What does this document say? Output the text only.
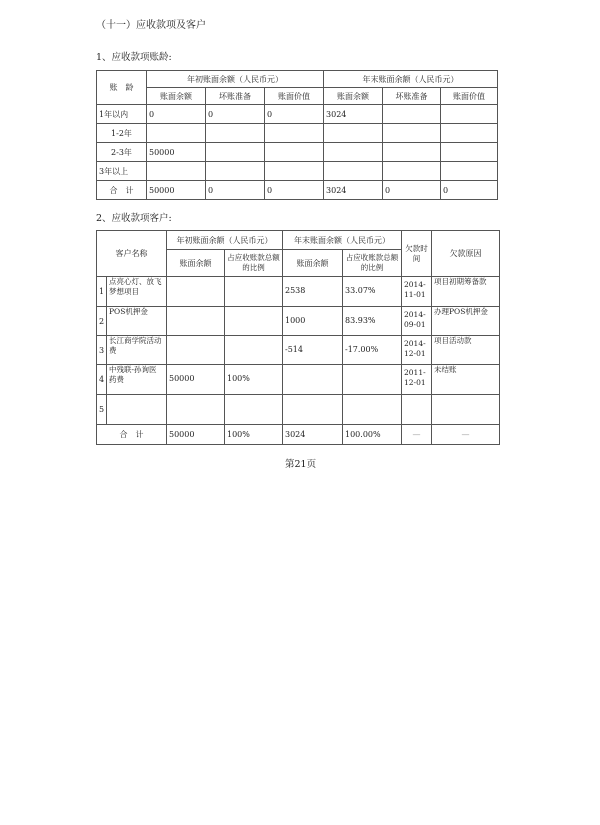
（十一）应收款项及客户
1、应收款项账龄:
账　龄	年初账面余额（人民币元）			年末账面余额（人民币元）		
	账面余额	坏账准备	账面价值	账面余额	坏账准备	账面价值
1年以内	0	0	0	3024		
1-2年						
2-3年	50000					
3年以上						
合　计	50000	0	0	3024	0	0
2、应收款项客户:
客户名称		年初账面余额（人民币元）		年末账面余额（人民币元）		欠款时间	欠款原因
		账面余额	占应收账款总额的比例	账面余额	占应收账款总额的比例		
1	点亮心灯、放飞梦想项目			2538	33.07%	2014-11-01	项目初期筹备款
2	POS机押金			1000	83.93%	2014-09-01	办理POS机押金
3	长江商学院活动费			-514	-17.00%	2014-12-01	项目活动款
4	中残联-孙询医药费	50000	100%			2011-12-01	未结账
5							
合　计		50000	100%	3024	100.00%	—	—
第21页
